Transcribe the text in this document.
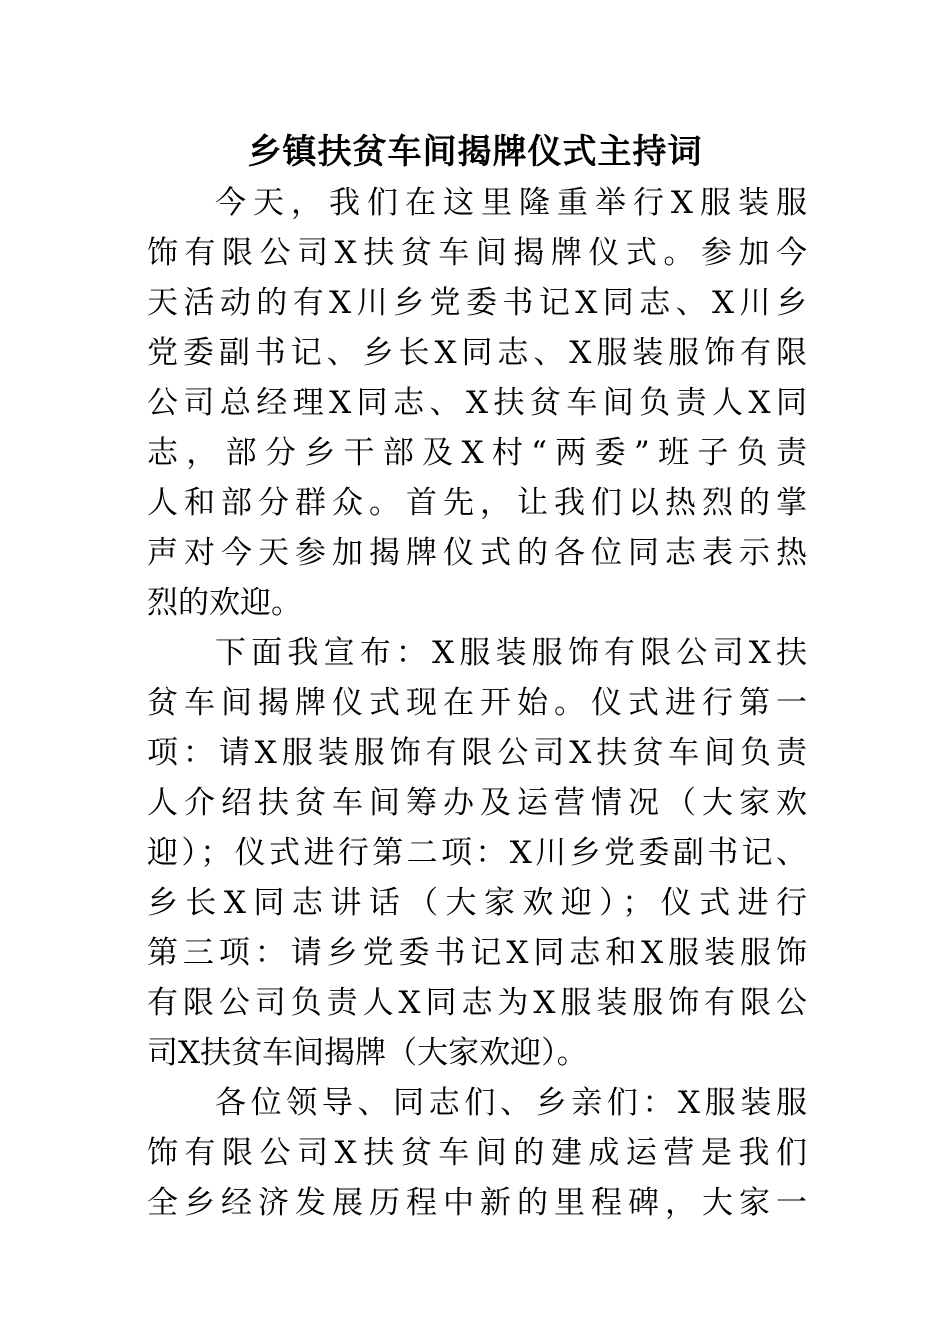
乡镇扶贫车间揭牌仪式主持词
今天，我们在这里隆重举行X服装服
饰有限公司X扶贫车间揭牌仪式。参加今
天活动的有X川乡党委书记X同志、X川乡
党委副书记、乡长X同志、X服装服饰有限
公司总经理X同志、X扶贫车间负责人X同
志，部分乡干部及X村“两委”班子负责
人和部分群众。首先，让我们以热烈的掌
声对今天参加揭牌仪式的各位同志表示热
烈的欢迎。
下面我宣布：X服装服饰有限公司X扶
贫车间揭牌仪式现在开始。仪式进行第一
项：请X服装服饰有限公司X扶贫车间负责
人介绍扶贫车间筹办及运营情况（大家欢
迎）；仪式进行第二项：X川乡党委副书记、
乡长X同志讲话（大家欢迎）；仪式进行
第三项：请乡党委书记X同志和X服装服饰
有限公司负责人X同志为X服装服饰有限公
司X扶贫车间揭牌（大家欢迎）。
各位领导、同志们、乡亲们：X服装服
饰有限公司X扶贫车间的建成运营是我们
全乡经济发展历程中新的里程碑，大家一
